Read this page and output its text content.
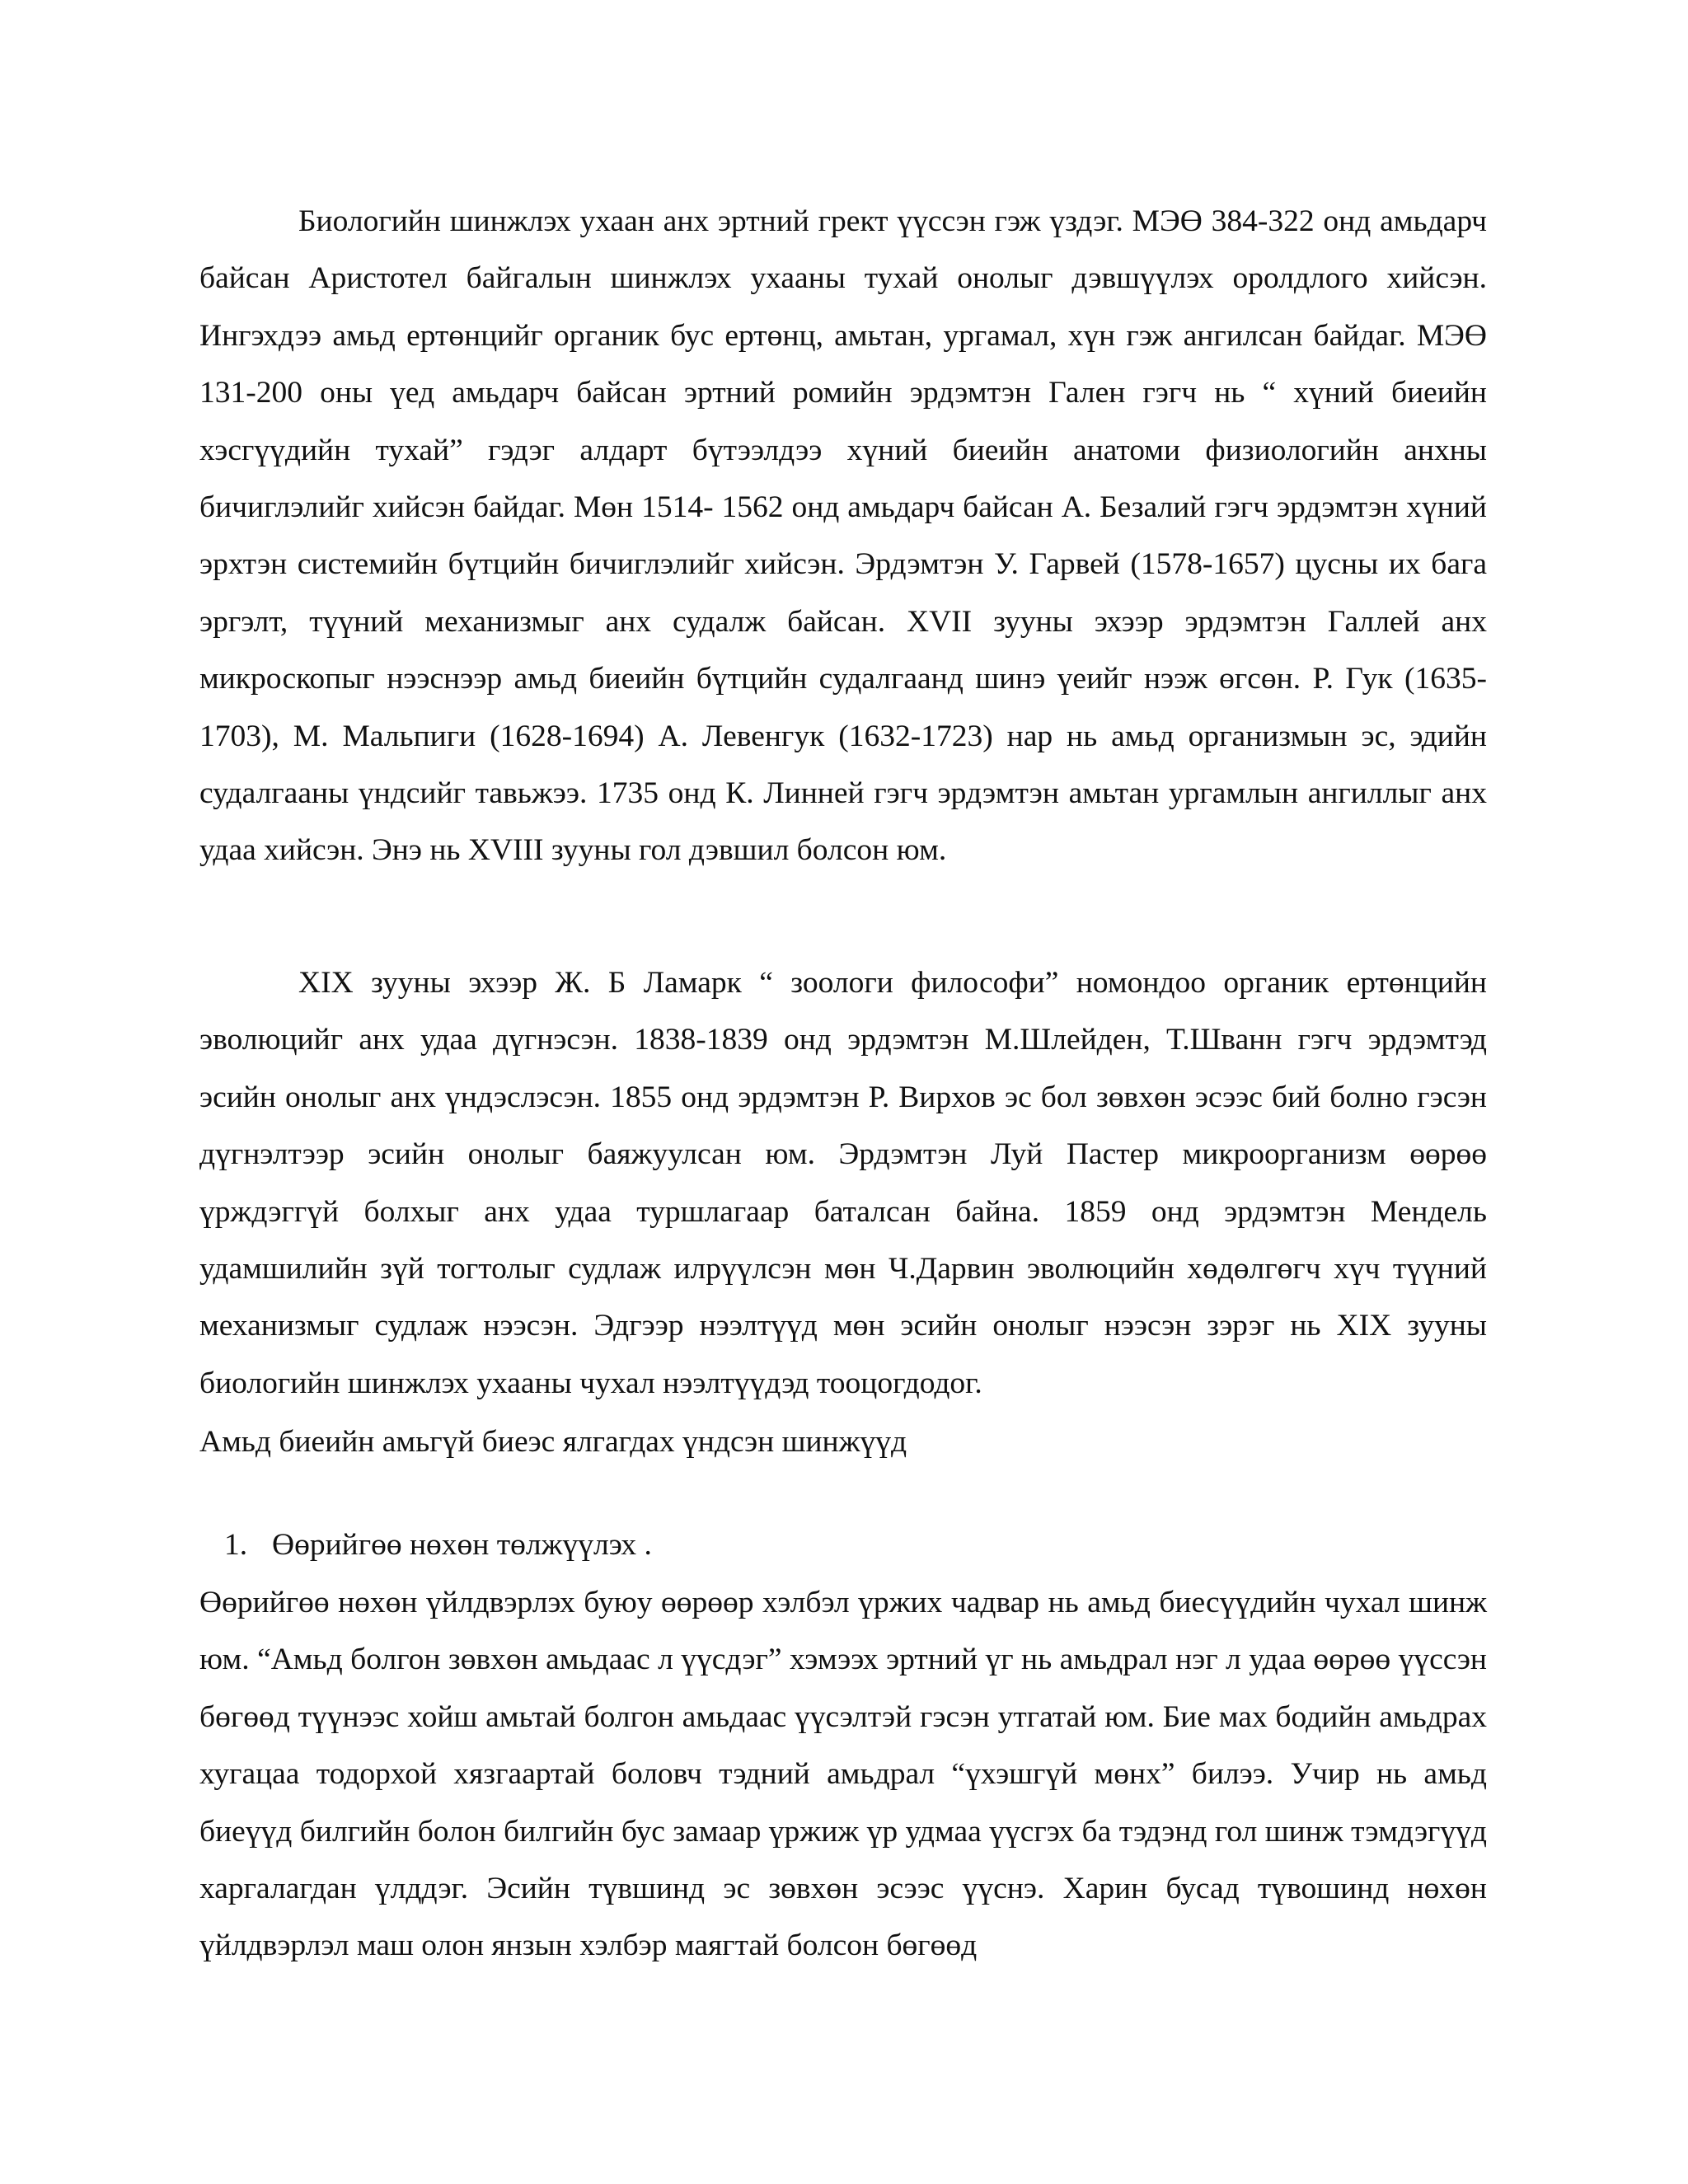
Биологийн шинжлэх ухаан анх эртний грект үүссэн гэж үздэг. МЭӨ 384-322 онд амьдарч байсан Аристотел байгалын шинжлэх ухааны тухай онолыг дэвшүүлэх оролдлого хийсэн. Ингэхдээ амьд ертөнцийг органик бус ертөнц, амьтан, ургамал, хүн гэж ангилсан байдаг. МЭӨ 131-200 оны үед амьдарч байсан эртний ромийн эрдэмтэн Гален гэгч нь “ хүний биеийн хэсгүүдийн тухай” гэдэг алдарт бүтээлдээ хүний биеийн анатоми физиологийн анхны бичиглэлийг хийсэн байдаг. Мөн 1514- 1562 онд амьдарч байсан А. Безалий гэгч эрдэмтэн хүний эрхтэн системийн бүтцийн бичиглэлийг хийсэн. Эрдэмтэн У. Гарвей (1578-1657) цусны их бага эргэлт, түүний механизмыг анх судалж байсан. XVII зууны эхээр эрдэмтэн Галлей анх микроскопыг нээснээр амьд биеийн бүтцийн судалгаанд шинэ үеийг нээж өгсөн. Р. Гук (1635-1703), М. Мальпиги (1628-1694) А. Левенгук (1632-1723) нар нь амьд организмын эс, эдийн судалгааны үндсийг тавьжээ. 1735 онд К. Линней гэгч эрдэмтэн амьтан ургамлын ангиллыг анх удаа хийсэн. Энэ нь XVIII зууны гол дэвшил болсон юм.

XIX зууны эхээр Ж. Б Ламарк “ зоологи философи” номондоо органик ертөнцийн эволюцийг анх удаа дүгнэсэн. 1838-1839 онд эрдэмтэн М.Шлейден, Т.Шванн гэгч эрдэмтэд эсийн онолыг анх үндэслэсэн. 1855 онд эрдэмтэн Р. Вирхов эс бол зөвхөн эсээс бий болно гэсэн дүгнэлтээр эсийн онолыг баяжуулсан юм. Эрдэмтэн Луй Пастер микроорганизм өөрөө үрждэггүй болхыг анх удаа туршлагаар баталсан байна. 1859 онд эрдэмтэн Мендель удамшилийн зүй тогтолыг судлаж илрүүлсэн мөн Ч.Дарвин эволюцийн хөдөлгөгч хүч түүний механизмыг судлаж нээсэн. Эдгээр нээлтүүд мөн эсийн онолыг нээсэн зэрэг нь XIX зууны биологийн шинжлэх ухааны чухал нээлтүүдэд тооцогдодог.

Амьд биеийн амьгүй биеэс ялгагдах үндсэн шинжүүд

1. Өөрийгөө нөхөн төлжүүлэх .

Өөрийгөө нөхөн үйлдвэрлэх буюу өөрөөр хэлбэл үржих чадвар нь амьд биесүүдийн чухал шинж юм. “Амьд болгон зөвхөн амьдаас л үүсдэг” хэмээх эртний үг нь амьдрал нэг л удаа өөрөө үүссэн бөгөөд түүнээс хойш амьтай болгон амьдаас үүсэлтэй гэсэн утгатай юм. Бие мах бодийн амьдрах хугацаа тодорхой хязгаартай боловч тэдний амьдрал “үхэшгүй мөнх” билээ. Учир нь амьд биеүүд билгийн болон билгийн бус замаар үржиж үр удмаа үүсгэх ба тэдэнд гол шинж тэмдэгүүд харгалагдан үлддэг. Эсийн түвшинд эс зөвхөн эсээс үүснэ. Харин бусад түвошинд нөхөн үйлдвэрлэл маш олон янзын хэлбэр маягтай болсон бөгөөд
